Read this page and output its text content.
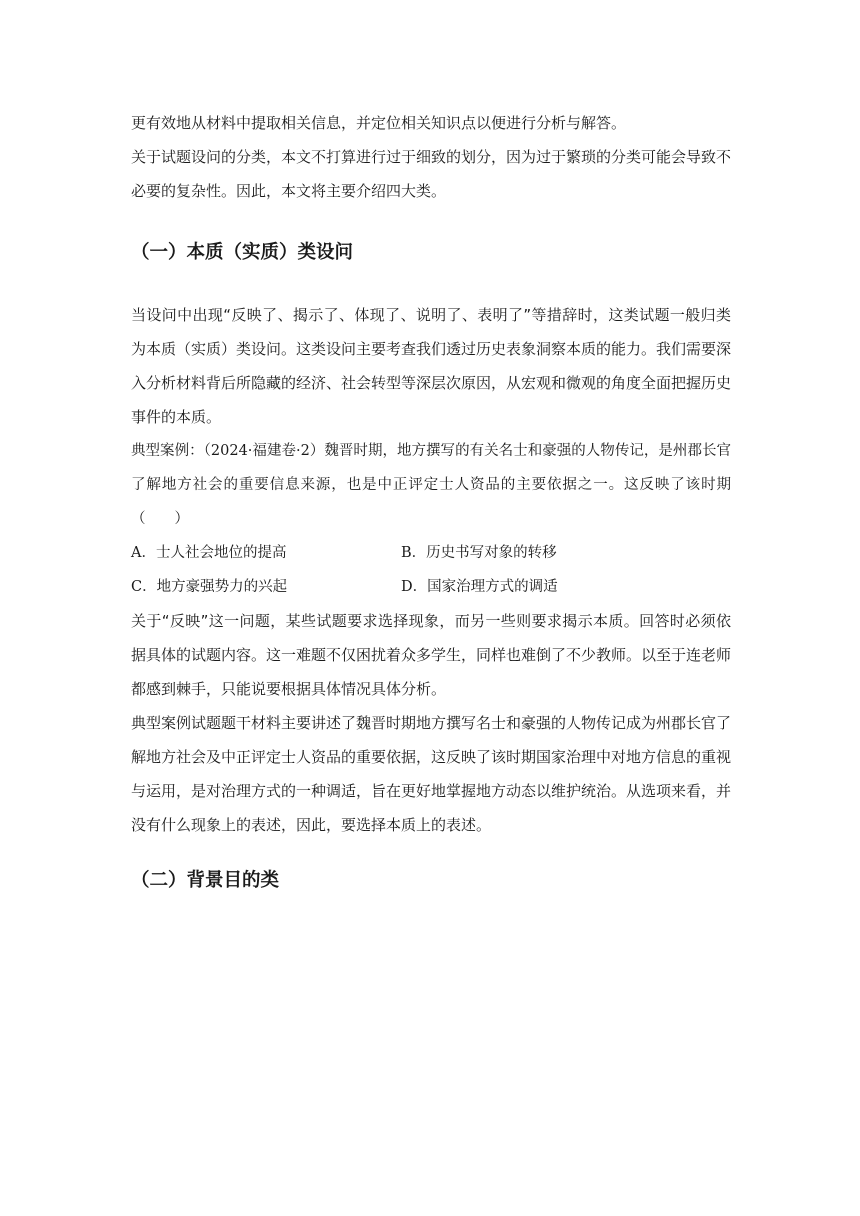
更有效地从材料中提取相关信息，并定位相关知识点以便进行分析与解答。

关于试题设问的分类，本文不打算进行过于细致的划分，因为过于繁琐的分类可能会导致不必要的复杂性。因此，本文将主要介绍四大类。

（一）本质（实质）类设问

当设问中出现“反映了、揭示了、体现了、说明了、表明了”等措辞时，这类试题一般归类为本质（实质）类设问。这类设问主要考查我们透过历史表象洞察本质的能力。我们需要深入分析材料背后所隐藏的经济、社会转型等深层次原因，从宏观和微观的角度全面把握历史事件的本质。

典型案例：（2024·福建卷·2）魏晋时期，地方撰写的有关名士和豪强的人物传记，是州郡长官了解地方社会的重要信息来源，也是中正评定士人资品的主要依据之一。这反映了该时期（　　）

A．士人社会地位的提高	B．历史书写对象的转移
C．地方豪强势力的兴起	D．国家治理方式的调适

关于“反映”这一问题，某些试题要求选择现象，而另一些则要求揭示本质。回答时必须依据具体的试题内容。这一难题不仅困扰着众多学生，同样也难倒了不少教师。以至于连老师都感到棘手，只能说要根据具体情况具体分析。

典型案例试题题干材料主要讲述了魏晋时期地方撰写名士和豪强的人物传记成为州郡长官了解地方社会及中正评定士人资品的重要依据，这反映了该时期国家治理中对地方信息的重视与运用，是对治理方式的一种调适，旨在更好地掌握地方动态以维护统治。从选项来看，并没有什么现象上的表述，因此，要选择本质上的表述。

（二）背景目的类
